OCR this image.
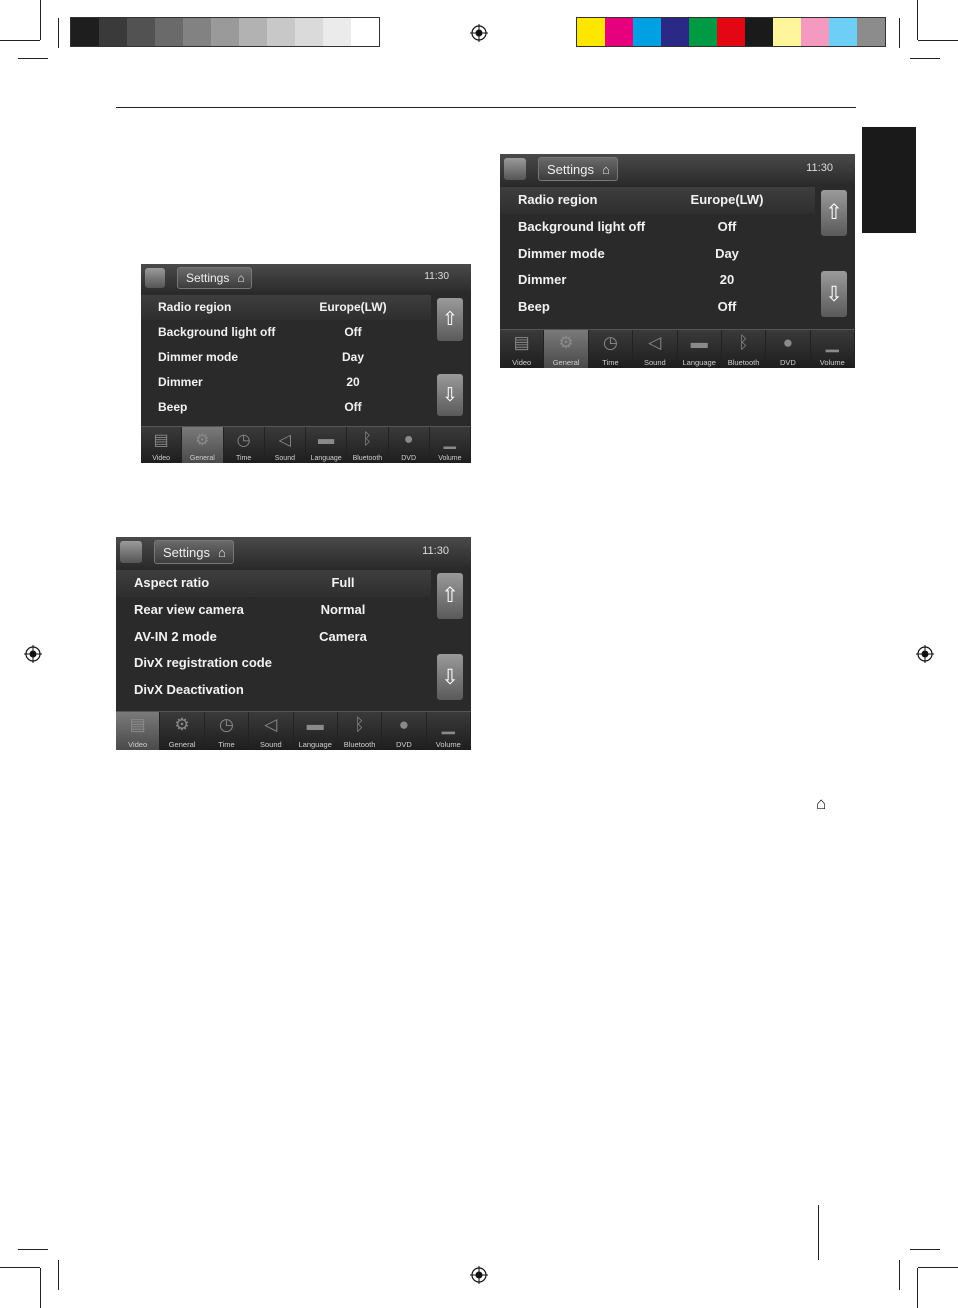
⌂
Settings ⌂	11:30
Radio region	Europe(LW)
Background light off	Off
Dimmer mode	Day
Dimmer	20
Beep	Off
⇧
⇩
▤
Video
⚙
General
◷
Time
◁
Sound
▬
Language
ᛒ
Bluetooth
●
DVD
▁
Volume
Settings ⌂	11:30
Radio region	Europe(LW)
Background light off	Off
Dimmer mode	Day
Dimmer	20
Beep	Off
⇧
⇩
▤
Video
⚙
General
◷
Time
◁
Sound
▬
Language
ᛒ
Bluetooth
●
DVD
▁
Volume
Settings ⌂	11:30
Aspect ratio	Full
Rear view camera	Normal
AV-IN 2 mode	Camera
DivX registration code
DivX Deactivation
⇧
⇩
▤
Video
⚙
General
◷
Time
◁
Sound
▬
Language
ᛒ
Bluetooth
●
DVD
▁
Volume
